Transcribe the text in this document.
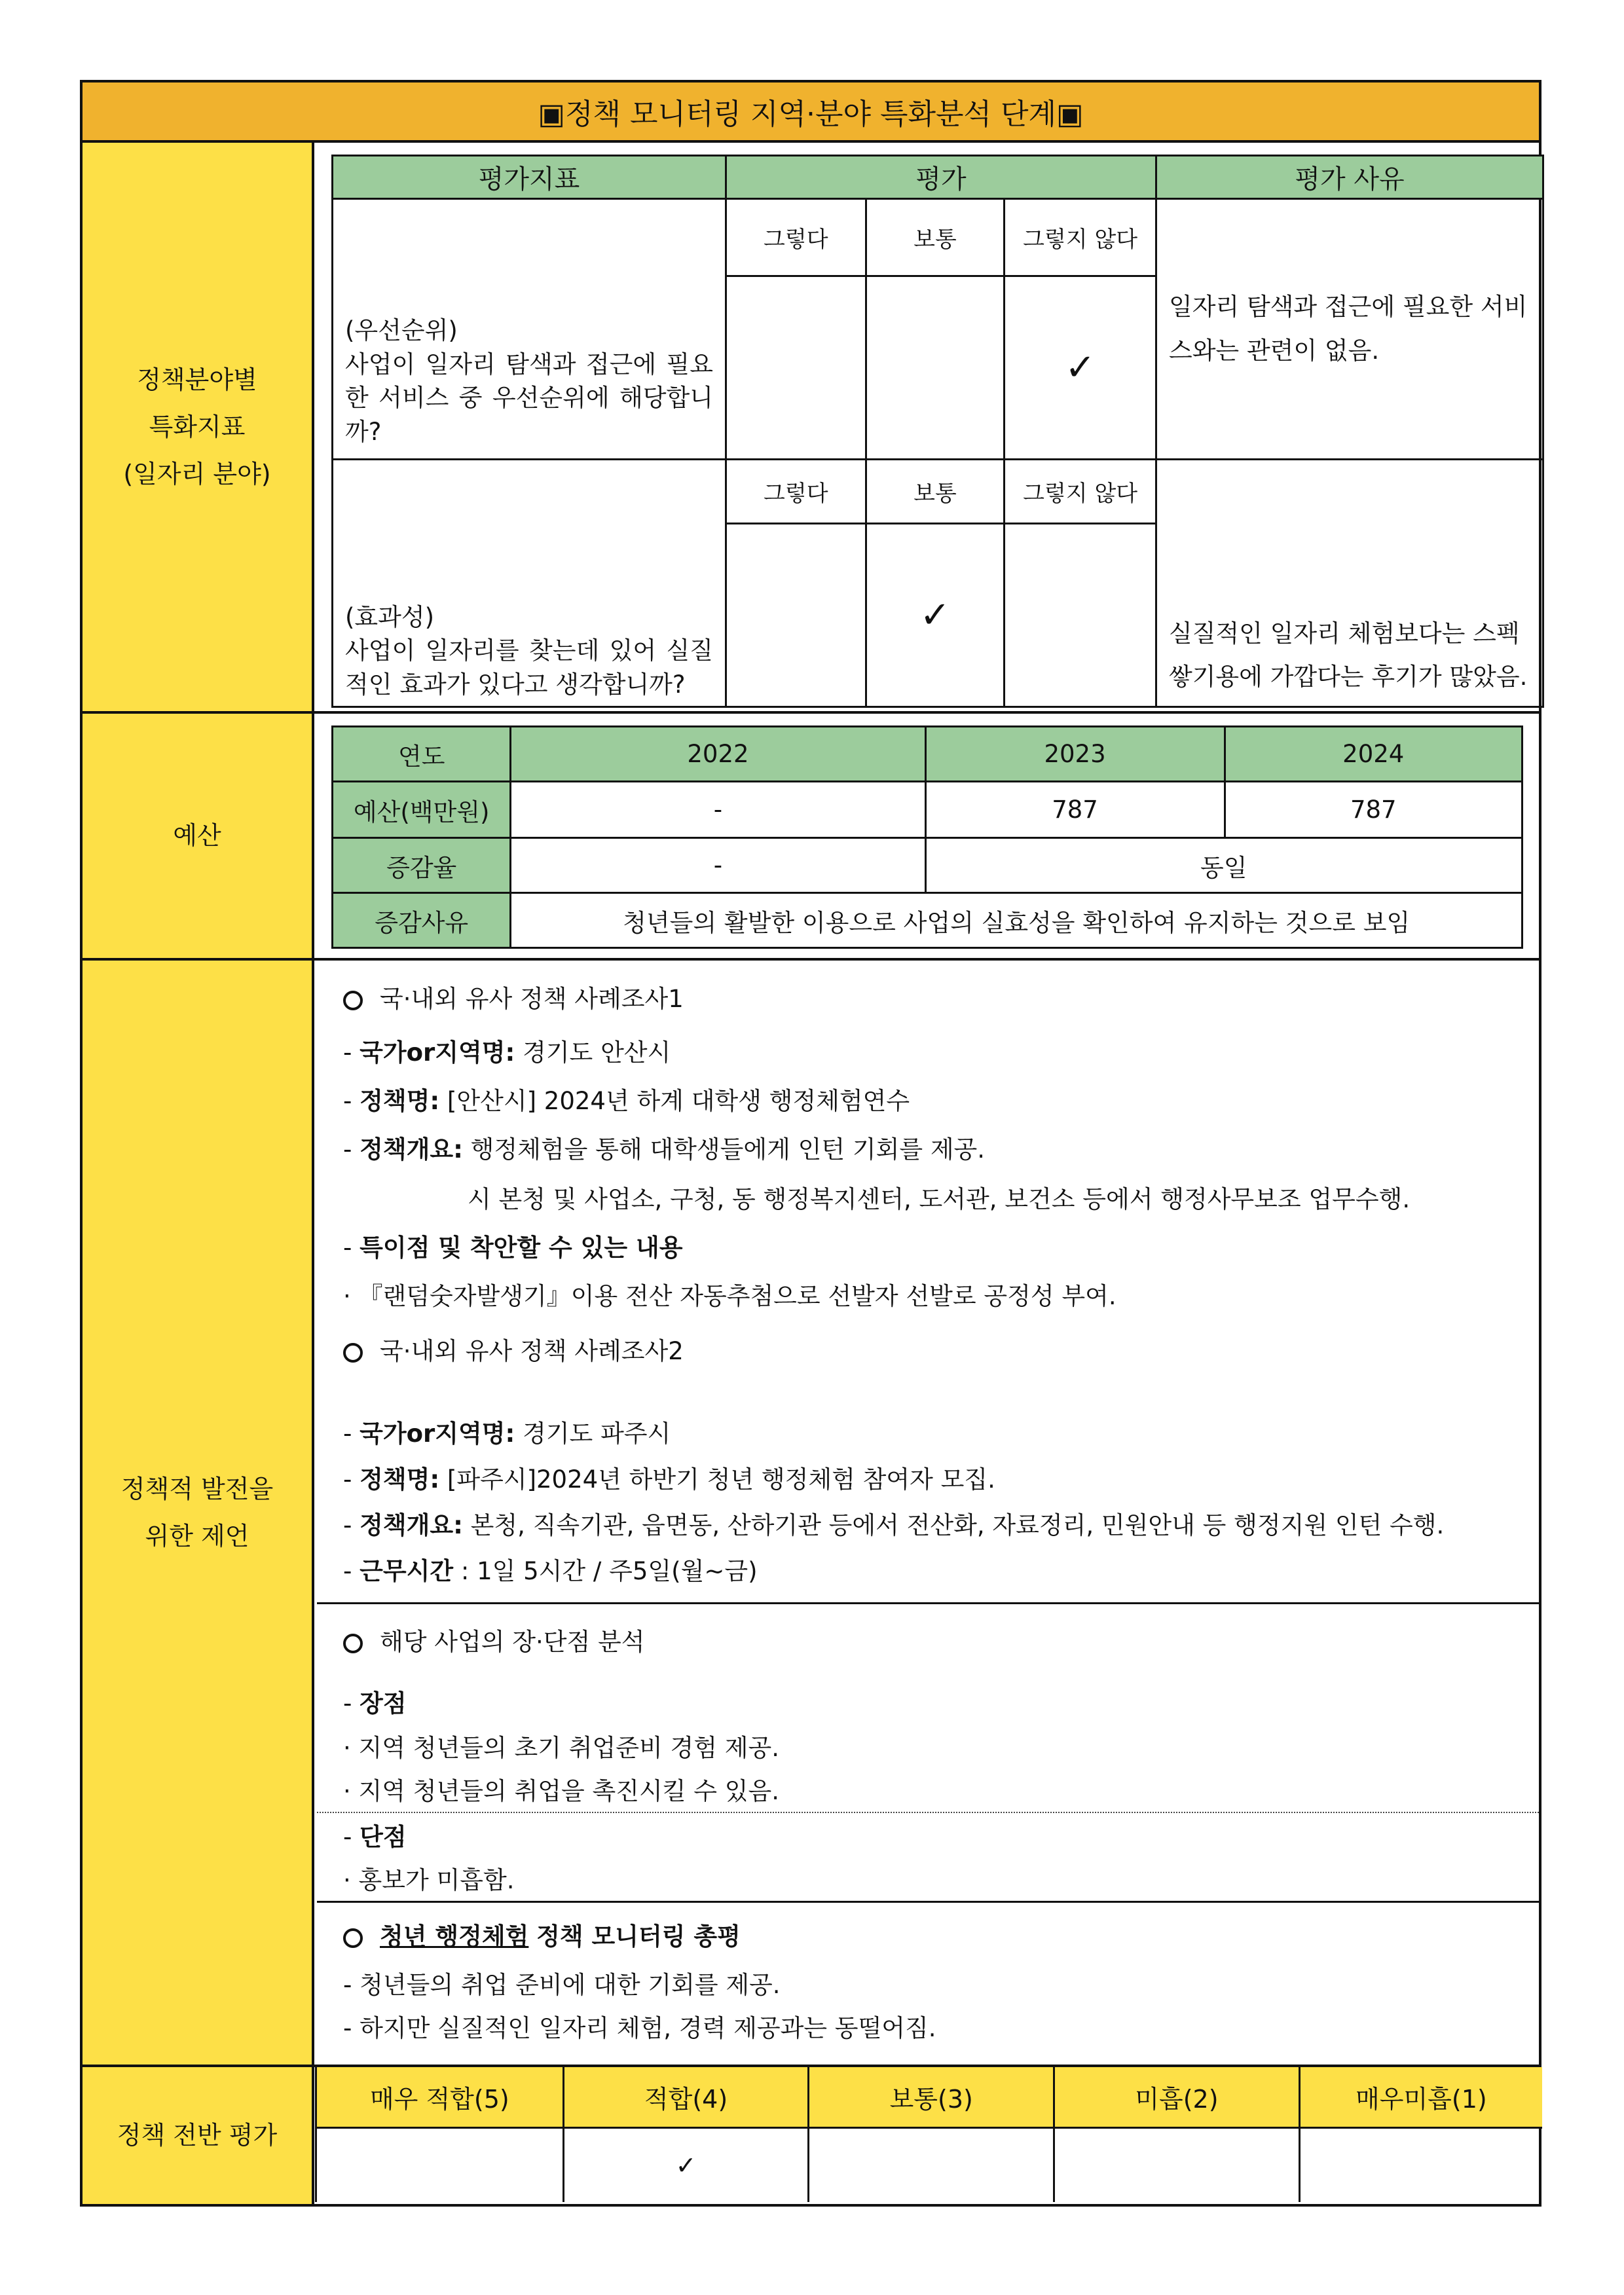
▣정책 모니터링 지역·분야 특화분석 단계▣
정책분야별
특화지표
(일자리 분야)
평가지표	평가			평가 사유
(우선순위)
사업이 일자리 탐색과 접근에 필요한 서비스 중 우선순위에 해당합니까?	그렇다	보통	그렇지 않다	일자리 탐색과 접근에 필요한 서비스와는 관련이 없음.
			✓	
(효과성)
사업이 일자리를 찾는데 있어 실질적인 효과가 있다고 생각합니까?	그렇다	보통	그렇지 않다	실질적인 일자리 체험보다는 스펙 쌓기용에 가깝다는 후기가 많았음.
		✓		
예산
연도	2022	2023	2024
예산(백만원)	-	787	787
증감율	-	동일	
증감사유	청년들의 활발한 이용으로 사업의 실효성을 확인하여 유지하는 것으로 보임		
정책적 발전을
위한 제언
국·내외 유사 정책 사례조사1
- 국가or지역명: 경기도 안산시
- 정책명: [안산시] 2024년 하계 대학생 행정체험연수
- 정책개요: 행정체험을 통해 대학생들에게 인턴 기회를 제공.
시 본청 및 사업소, 구청, 동 행정복지센터, 도서관, 보건소 등에서 행정사무보조 업무수행.
- 특이점 및 착안할 수 있는 내용
· 『랜덤숫자발생기』이용 전산 자동추첨으로 선발자 선발로 공정성 부여.
국·내외 유사 정책 사례조사2
- 국가or지역명: 경기도 파주시
- 정책명: [파주시]2024년 하반기 청년 행정체험 참여자 모집.
- 정책개요: 본청, 직속기관, 읍면동, 산하기관 등에서 전산화, 자료정리, 민원안내 등 행정지원 인턴 수행.
- 근무시간 : 1일 5시간 / 주5일(월~금)
해당 사업의 장·단점 분석
- 장점
· 지역 청년들의 초기 취업준비 경험 제공.
· 지역 청년들의 취업을 촉진시킬 수 있음.
- 단점
· 홍보가 미흡함.
청년 행정체험 정책 모니터링 총평
- 청년들의 취업 준비에 대한 기회를 제공.
- 하지만 실질적인 일자리 체험, 경력 제공과는 동떨어짐.
정책 전반 평가
매우 적합(5)	적합(4)	보통(3)	미흡(2)	매우미흡(1)
	✓			
